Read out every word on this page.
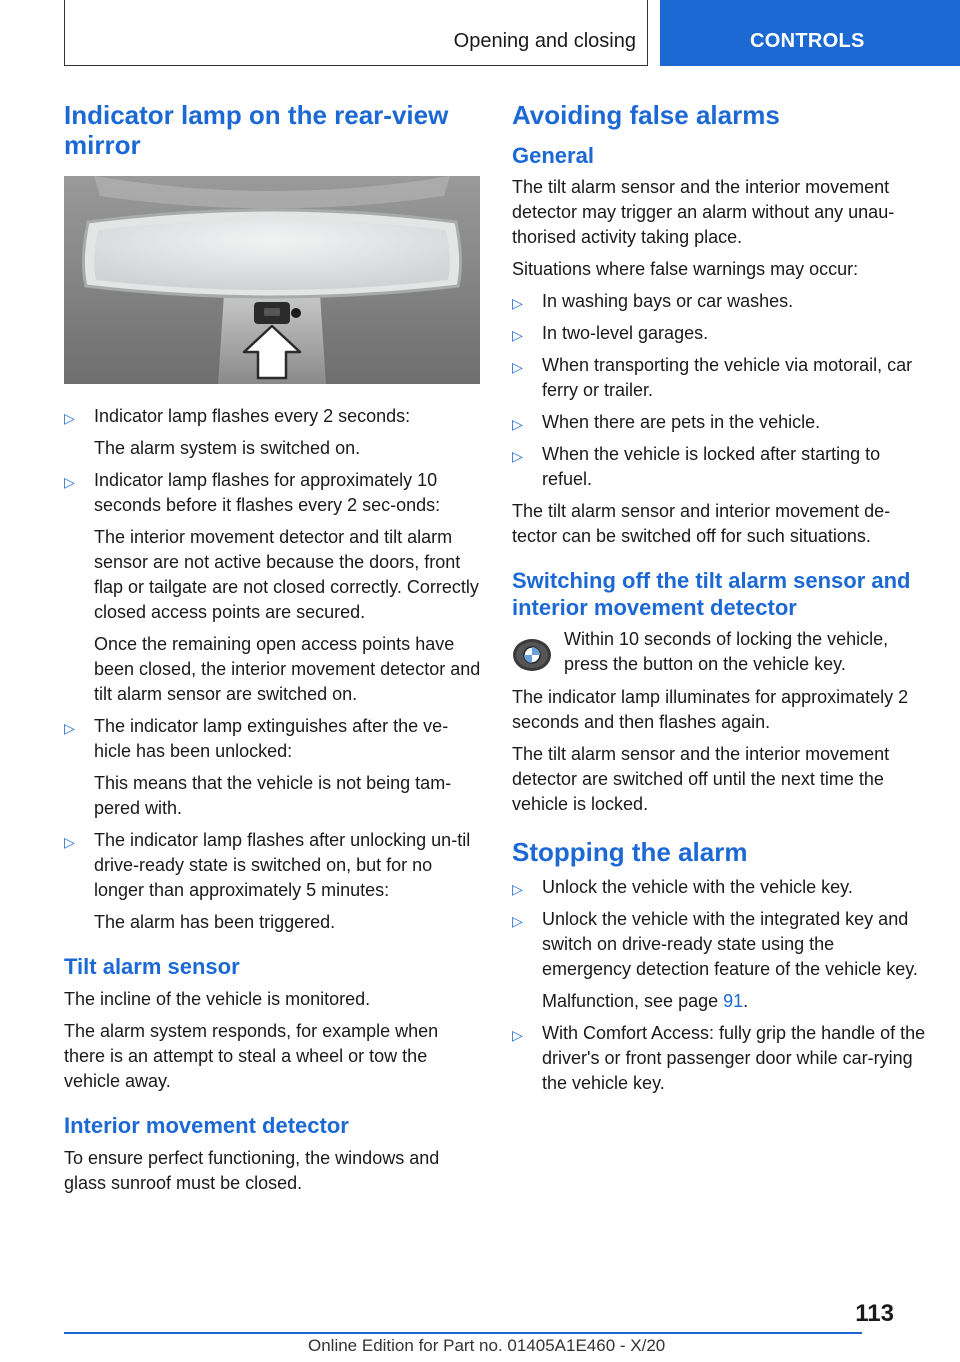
Opening and closing	CONTROLS
Indicator lamp on the rear-view mirror
▷ Indicator lamp flashes every 2 seconds:

The alarm system is switched on.

▷ Indicator lamp flashes for approximately 10 seconds before it flashes every 2 sec-onds:

The interior movement detector and tilt alarm sensor are not active because the doors, front flap or tailgate are not closed correctly. Correctly closed access points are secured.

Once the remaining open access points have been closed, the interior movement detector and tilt alarm sensor are switched on.

▷ The indicator lamp extinguishes after the ve-hicle has been unlocked:

This means that the vehicle is not being tam-pered with.

▷ The indicator lamp flashes after unlocking un-til drive-ready state is switched on, but for no longer than approximately 5 minutes:

The alarm has been triggered.

Tilt alarm sensor

The incline of the vehicle is monitored.

The alarm system responds, for example when there is an attempt to steal a wheel or tow the vehicle away.

Interior movement detector

To ensure perfect functioning, the windows and glass sunroof must be closed.

Avoiding false alarms
General

The tilt alarm sensor and the interior movement detector may trigger an alarm without any unau-thorised activity taking place.

Situations where false warnings may occur:

▷ In washing bays or car washes.
▷ In two-level garages.
▷ When transporting the vehicle via motorail, car ferry or trailer.
▷ When there are pets in the vehicle.
▷ When the vehicle is locked after starting to refuel.

The tilt alarm sensor and interior movement de-tector can be switched off for such situations.

Switching off the tilt alarm sensor and interior movement detector

Within 10 seconds of locking the vehicle, press the button on the vehicle key.

The indicator lamp illuminates for approximately 2 seconds and then flashes again.

The tilt alarm sensor and the interior movement detector are switched off until the next time the vehicle is locked.

Stopping the alarm
▷ Unlock the vehicle with the vehicle key.
▷ Unlock the vehicle with the integrated key and switch on drive-ready state using the emergency detection feature of the vehicle key.

Malfunction, see page 91.

▷ With Comfort Access: fully grip the handle of the driver's or front passenger door while car-rying the vehicle key.
113
Online Edition for Part no. 01405A1E460 - X/20
